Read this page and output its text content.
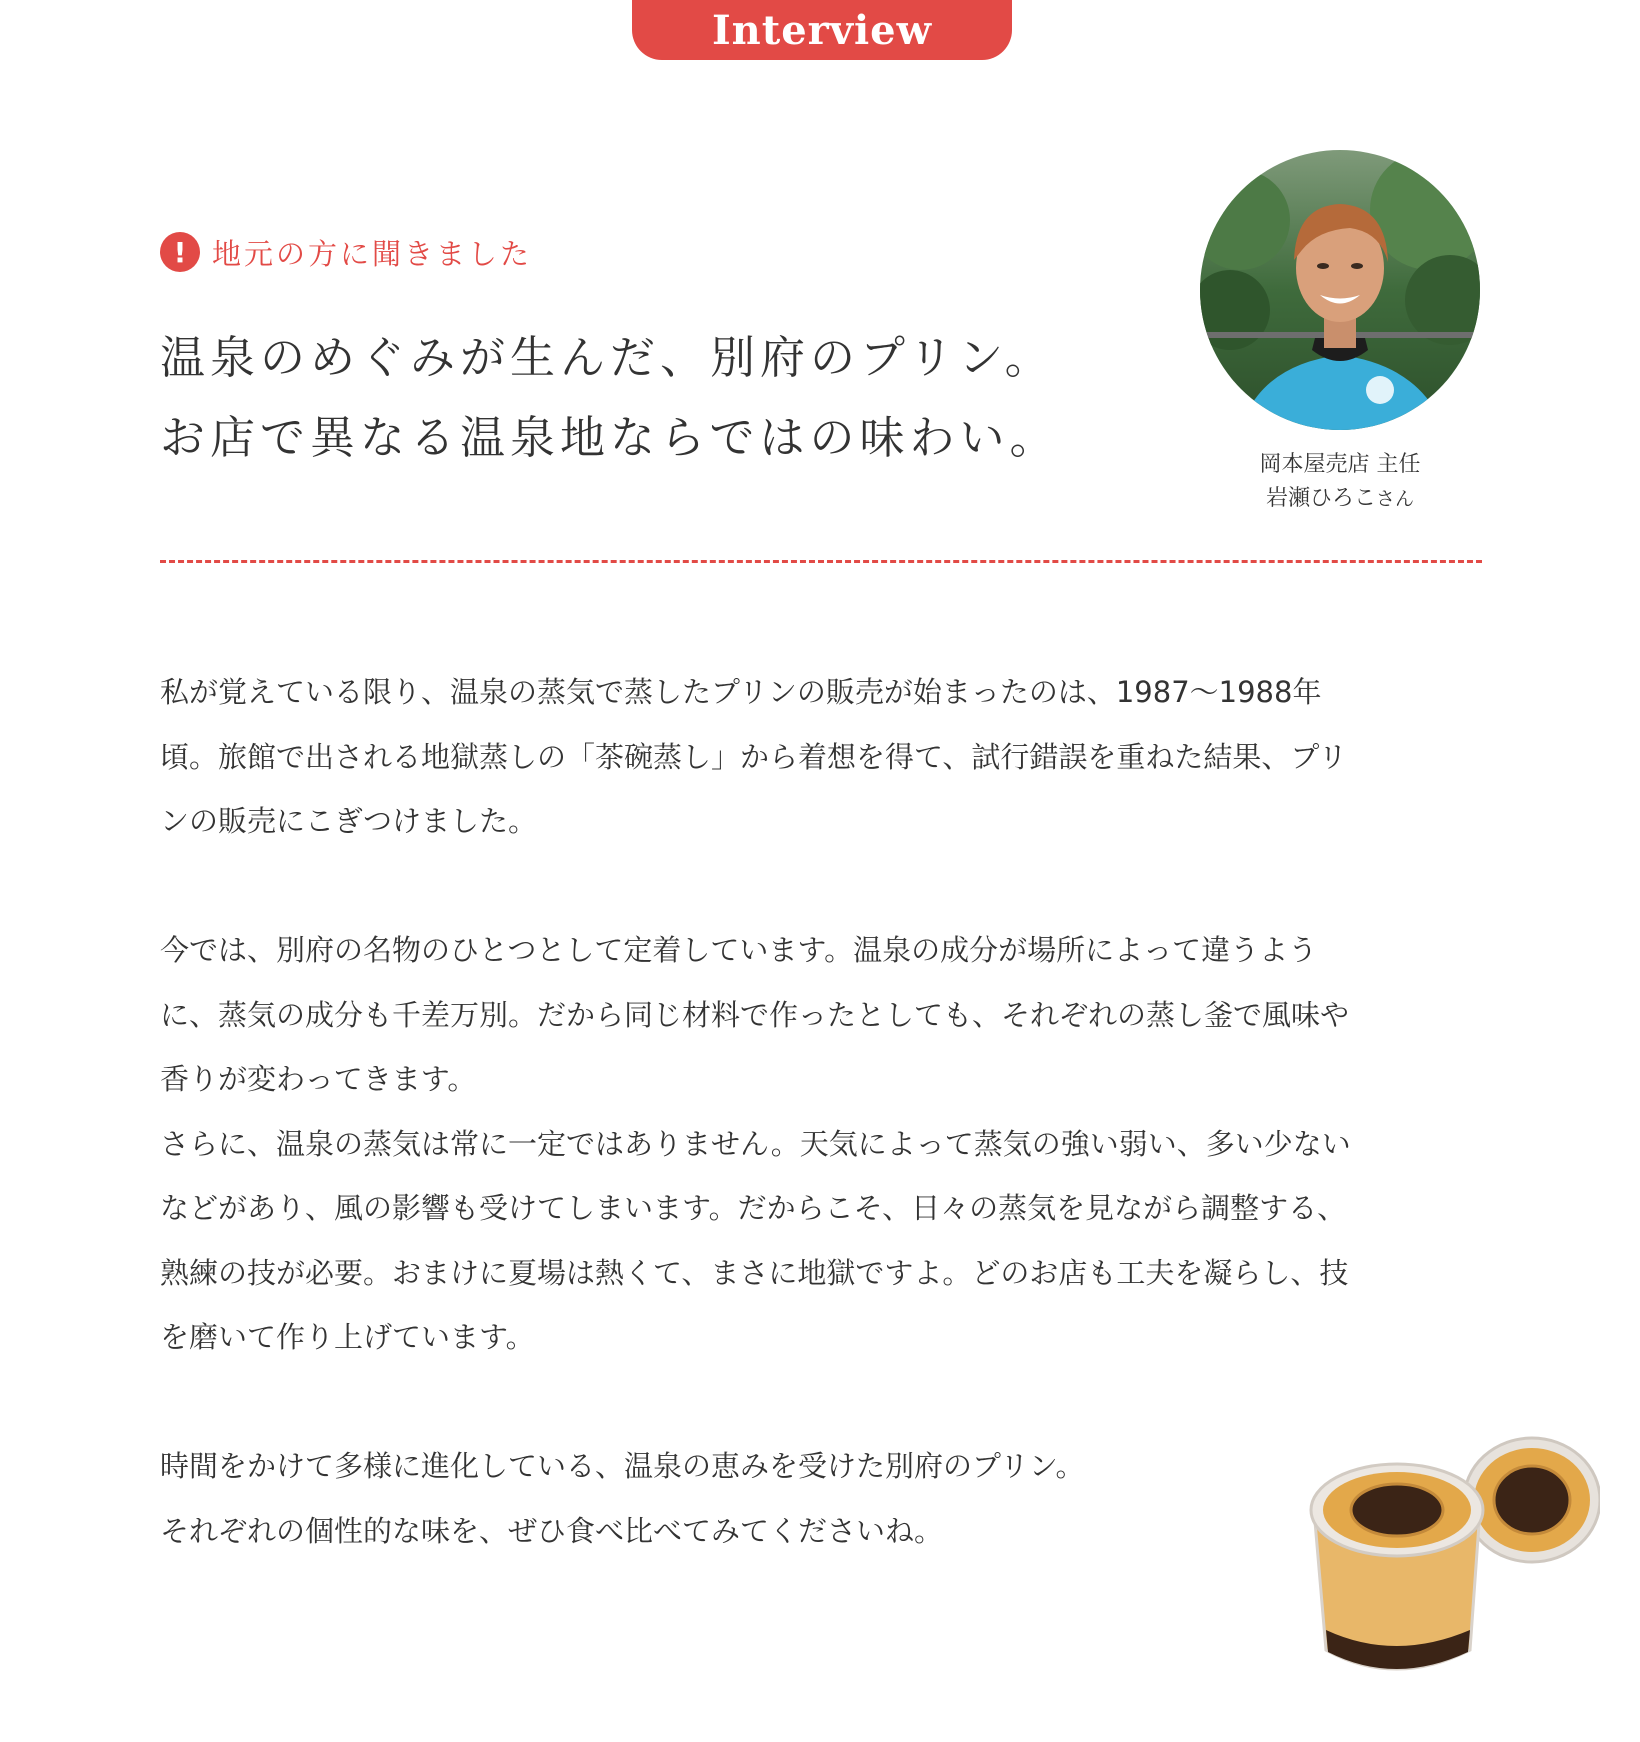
Interview
! 地元の方に聞きました
温泉のめぐみが生んだ、別府のプリン。
お店で異なる温泉地ならではの味わい。
岡本屋売店 主任
岩瀬ひろこさん

私が覚えている限り、温泉の蒸気で蒸したプリンの販売が始まったのは、1987〜1988年

頃。旅館で出される地獄蒸しの「茶碗蒸し」から着想を得て、試行錯誤を重ねた結果、プリ

ンの販売にこぎつけました。

今では、別府の名物のひとつとして定着しています。温泉の成分が場所によって違うよう

に、蒸気の成分も千差万別。だから同じ材料で作ったとしても、それぞれの蒸し釜で風味や

香りが変わってきます。

さらに、温泉の蒸気は常に一定ではありません。天気によって蒸気の強い弱い、多い少ない

などがあり、風の影響も受けてしまいます。だからこそ、日々の蒸気を見ながら調整する、

熟練の技が必要。おまけに夏場は熱くて、まさに地獄ですよ。どのお店も工夫を凝らし、技

を磨いて作り上げています。

時間をかけて多様に進化している、温泉の恵みを受けた別府のプリン。

それぞれの個性的な味を、ぜひ食べ比べてみてくださいね。
